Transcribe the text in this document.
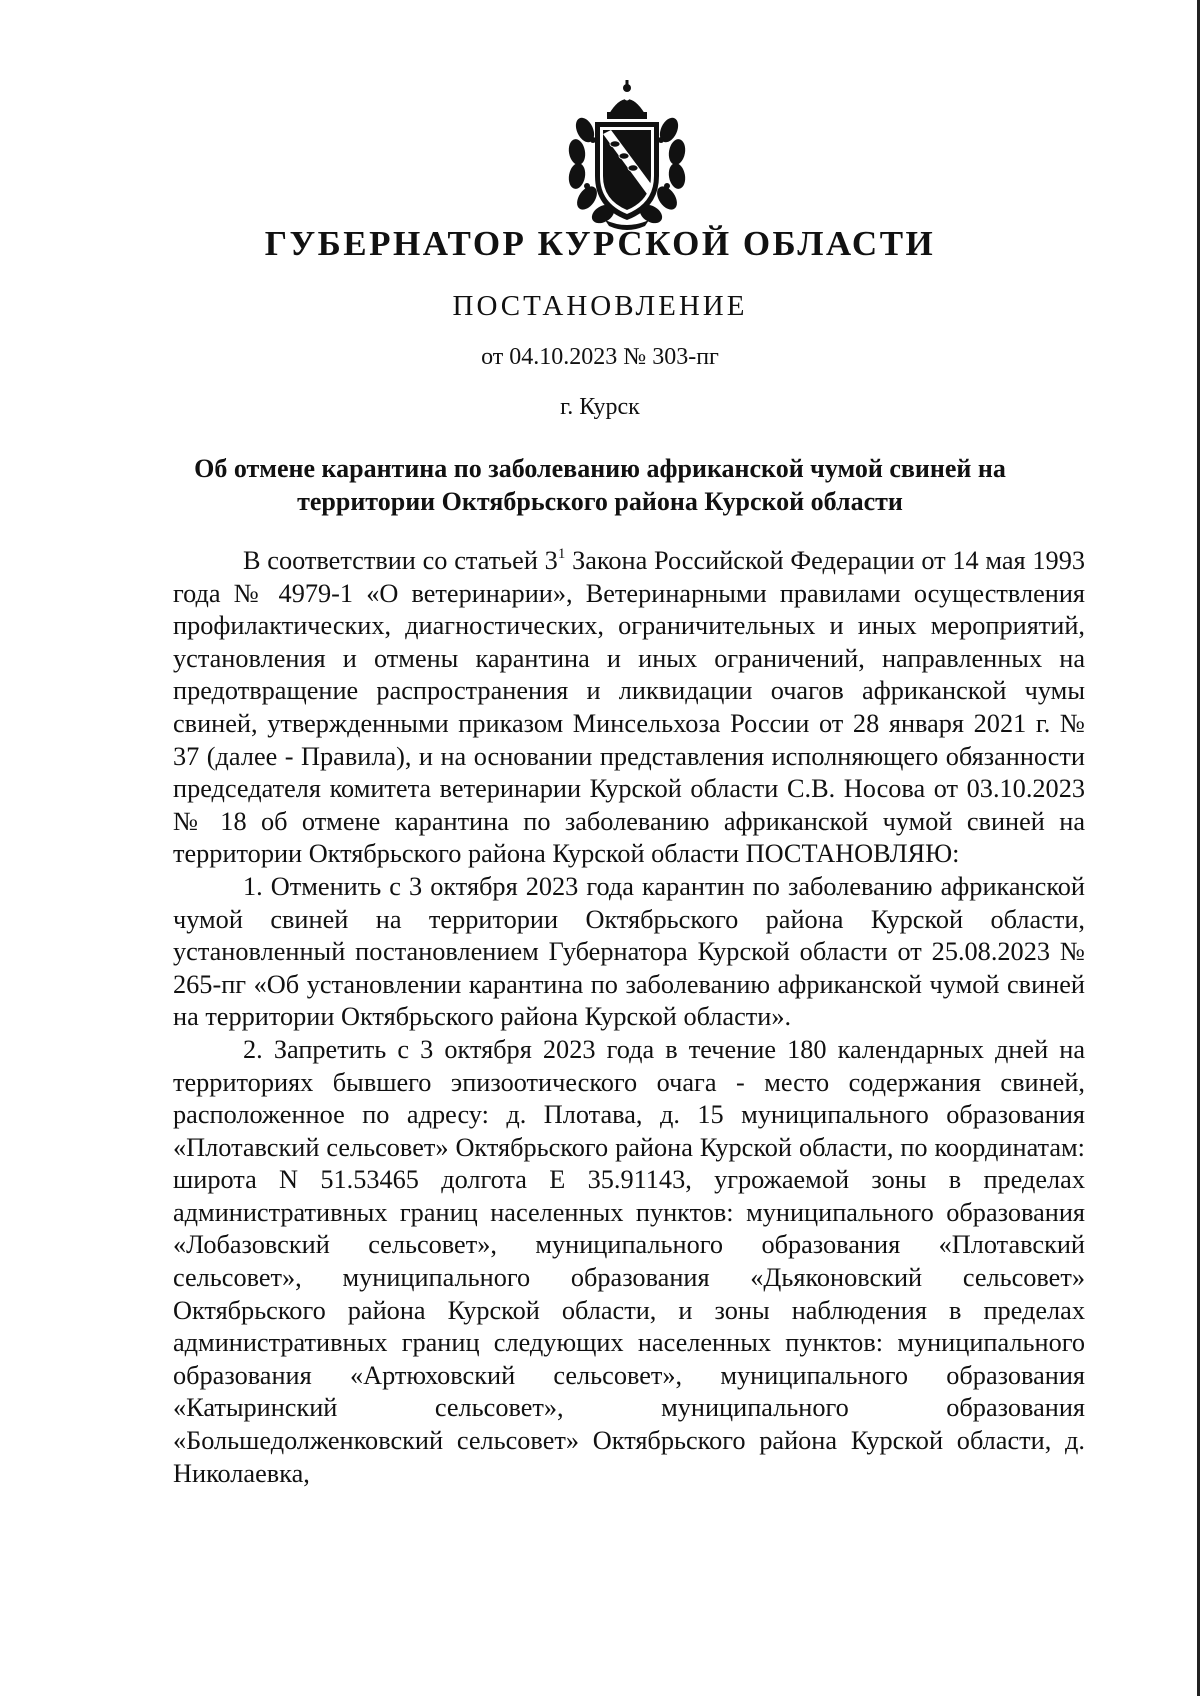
ГУБЕРНАТОР КУРСКОЙ ОБЛАСТИ
ПОСТАНОВЛЕНИЕ
от 04.10.2023 № 303-пг
г. Курск
Об отмене карантина по заболеванию африканской чумой свиней на
территории Октябрьского района Курской области

В соответствии со статьей $3^1$ Закона Российской Федерации от 14 мая 1993 года № 4979-1 «О ветеринарии», Ветеринарными правилами осуществления профилактических, диагностических, ограничительных и иных мероприятий, установления и отмены карантина и иных ограничений, направленных на предотвращение распространения и ликвидации очагов африканской чумы свиней, утвержденными приказом Минсельхоза России от 28 января 2021 г. № 37 (далее - Правила), и на основании представления исполняющего обязанности председателя комитета ветеринарии Курской области С.В. Носова от 03.10.2023 № 18 об отмене карантина по заболеванию африканской чумой свиней на территории Октябрьского района Курской области ПОСТАНОВЛЯЮ:

1. Отменить с 3 октября 2023 года карантин по заболеванию африканской чумой свиней на территории Октябрьского района Курской области, установленный постановлением Губернатора Курской области от 25.08.2023 № 265-пг «Об установлении карантина по заболеванию африканской чумой свиней на территории Октябрьского района Курской области».

2. Запретить с 3 октября 2023 года в течение 180 календарных дней на территориях бывшего эпизоотического очага - место содержания свиней, расположенное по адресу: д. Плотава, д. 15 муниципального образования «Плотавский сельсовет» Октябрьского района Курской области, по координатам: широта N 51.53465 долгота E 35.91143, угрожаемой зоны в пределах административных границ населенных пунктов: муниципального образования «Лобазовский сельсовет», муниципального образования «Плотавский сельсовет», муниципального образования «Дьяконовский сельсовет» Октябрьского района Курской области, и зоны наблюдения в пределах административных границ следующих населенных пунктов: муниципального образования «Артюховский сельсовет», муниципального образования «Катыринский сельсовет», муниципального образования «Большедолженковский сельсовет» Октябрьского района Курской области, д. Николаевка,
